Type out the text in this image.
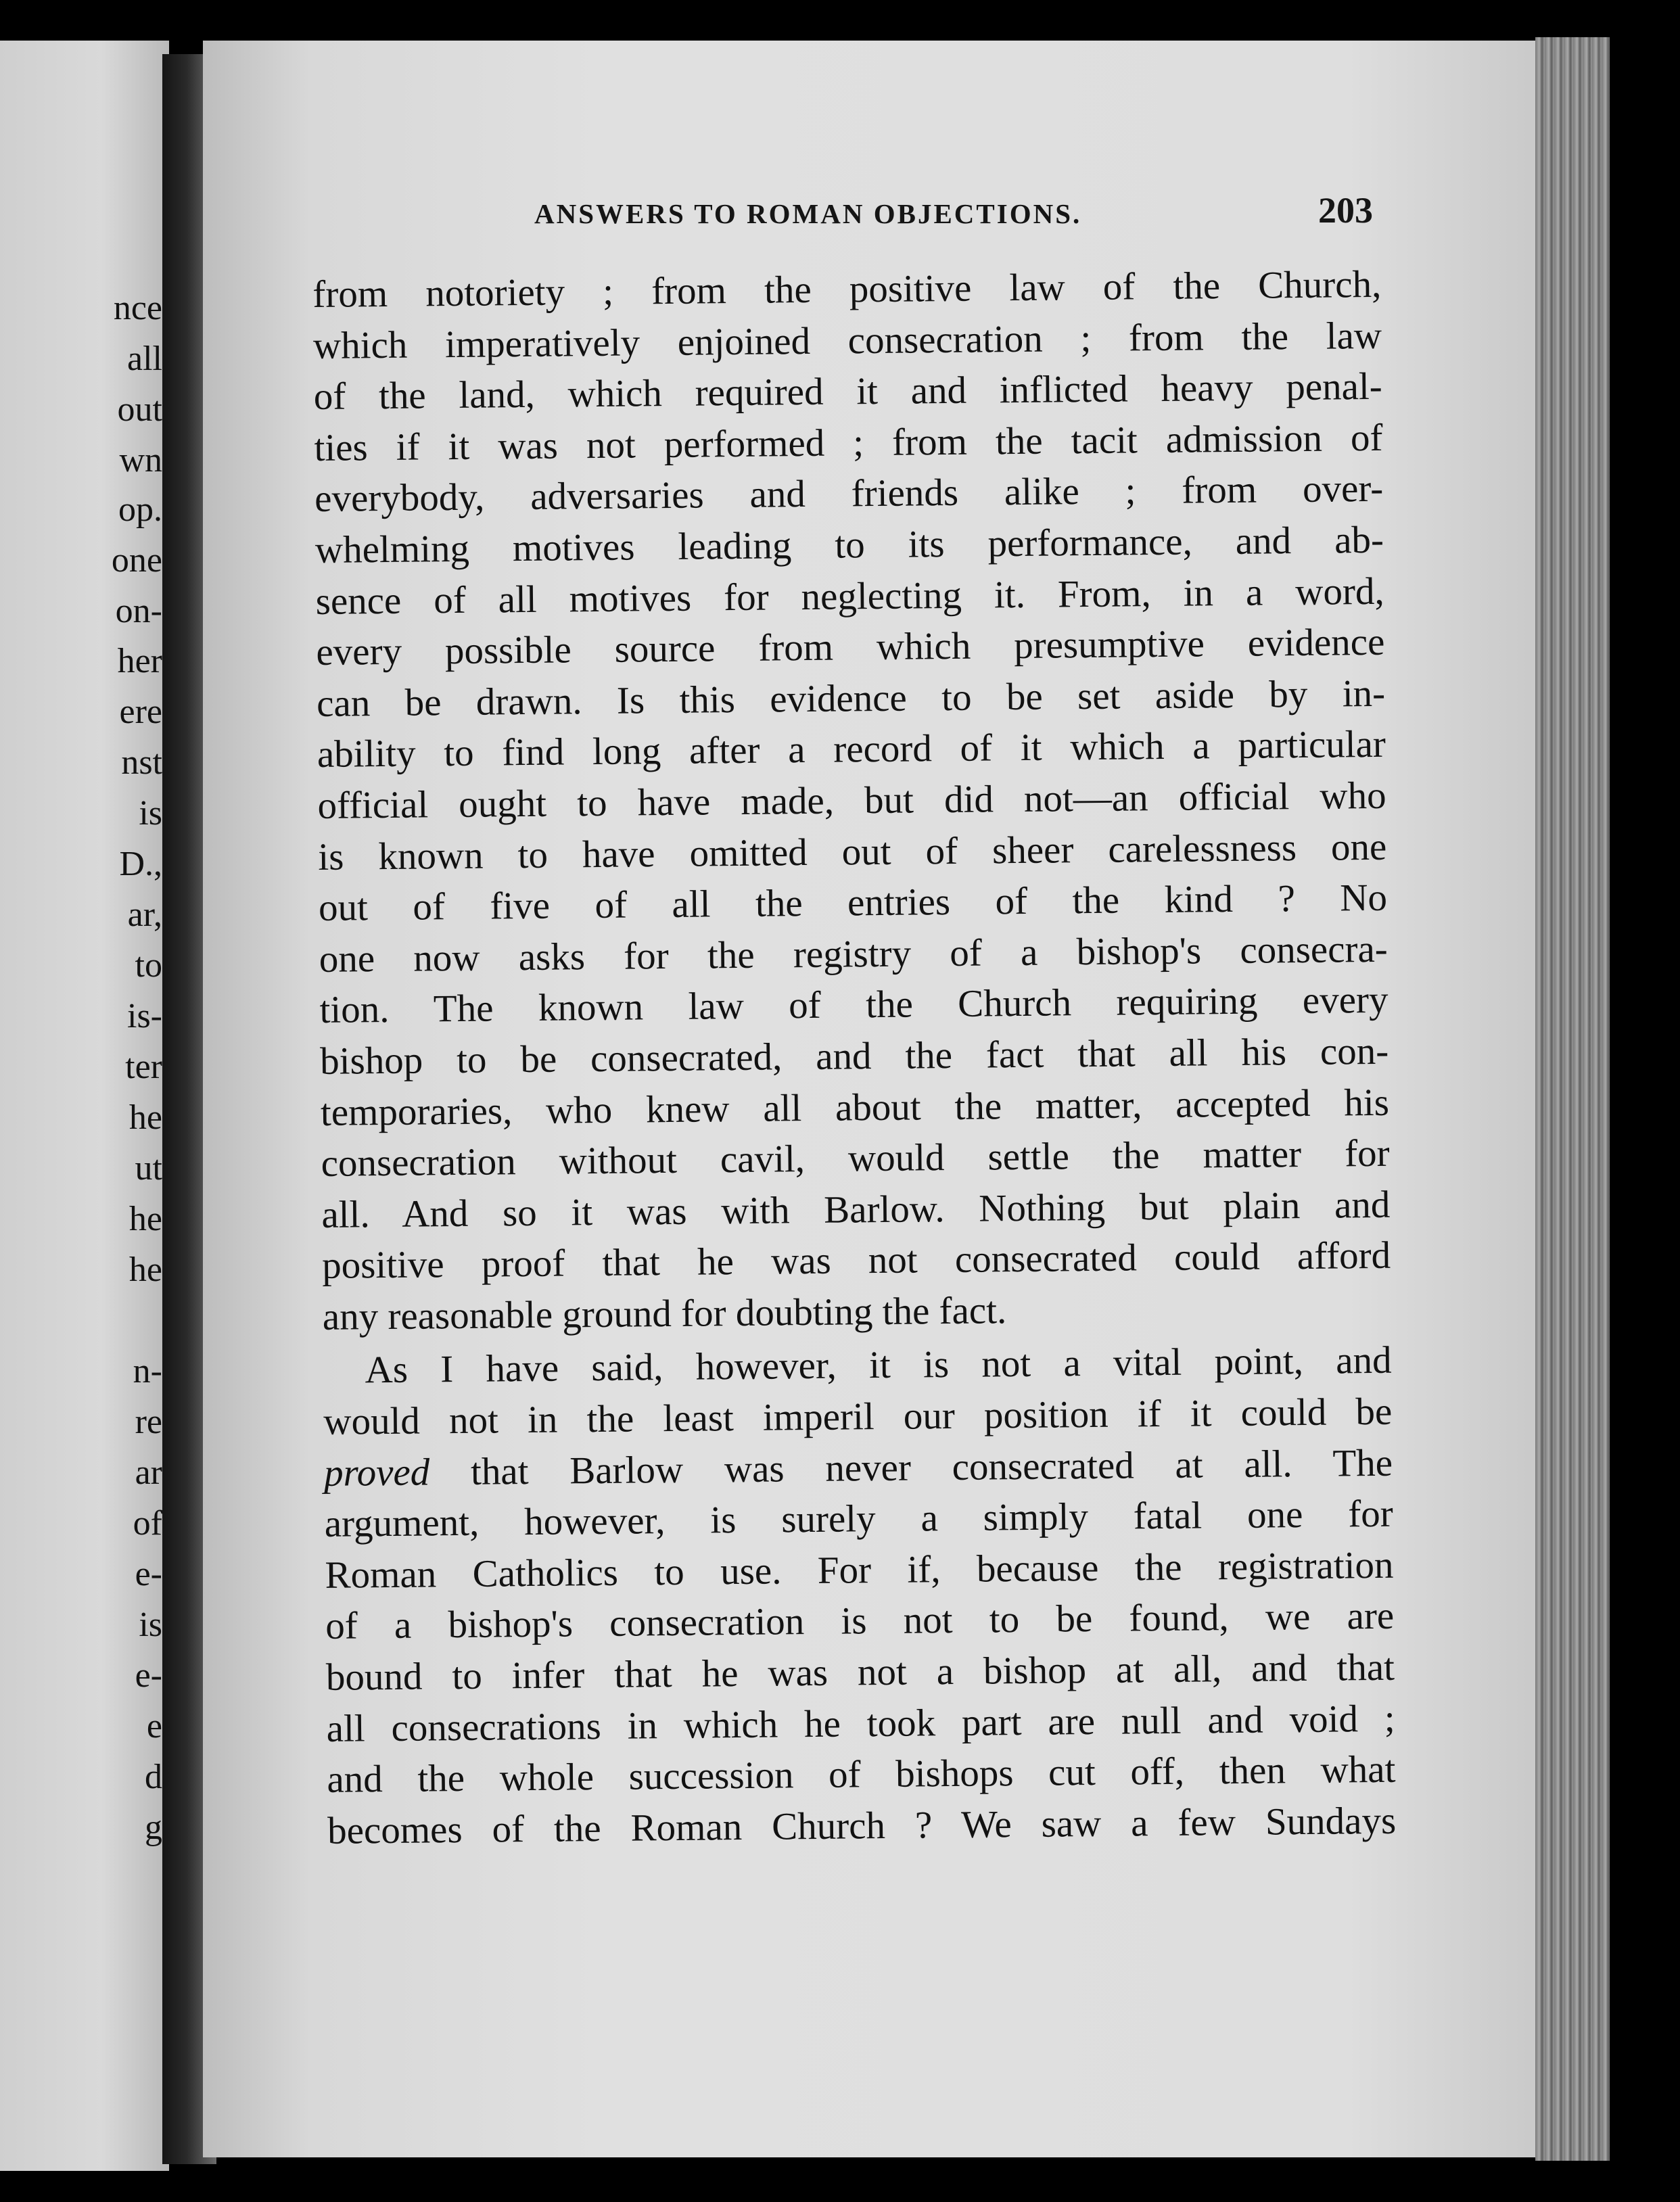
nce
all
out
wn
op.
one
on-
her
ere
nst
is
D.,
ar,
to
is-
ter
he
ut
he
he
n-
re
ar
of
e-
is
e-
e
d
g
ANSWERS TO ROMAN OBJECTIONS.	203
from notoriety ; from the positive law of the Church,
which imperatively enjoined consecration ; from the law
of the land, which required it and inflicted heavy penal-
ties if it was not performed ; from the tacit admission of
everybody, adversaries and friends alike ; from over-
whelming motives leading to its performance, and ab-
sence of all motives for neglecting it. From, in a word,
every possible source from which presumptive evidence
can be drawn. Is this evidence to be set aside by in-
ability to find long after a record of it which a particular
official ought to have made, but did not—an official who
is known to have omitted out of sheer carelessness one
out of five of all the entries of the kind ? No
one now asks for the registry of a bishop's consecra-
tion. The known law of the Church requiring every
bishop to be consecrated, and the fact that all his con-
temporaries, who knew all about the matter, accepted his
consecration without cavil, would settle the matter for
all. And so it was with Barlow. Nothing but plain and
positive proof that he was not consecrated could afford
any reasonable ground for doubting the fact.
As I have said, however, it is not a vital point, and
would not in the least imperil our position if it could be
proved that Barlow was never consecrated at all. The
argument, however, is surely a simply fatal one for
Roman Catholics to use. For if, because the registration
of a bishop's consecration is not to be found, we are
bound to infer that he was not a bishop at all, and that
all consecrations in which he took part are null and void ;
and the whole succession of bishops cut off, then what
becomes of the Roman Church ? We saw a few Sundays
